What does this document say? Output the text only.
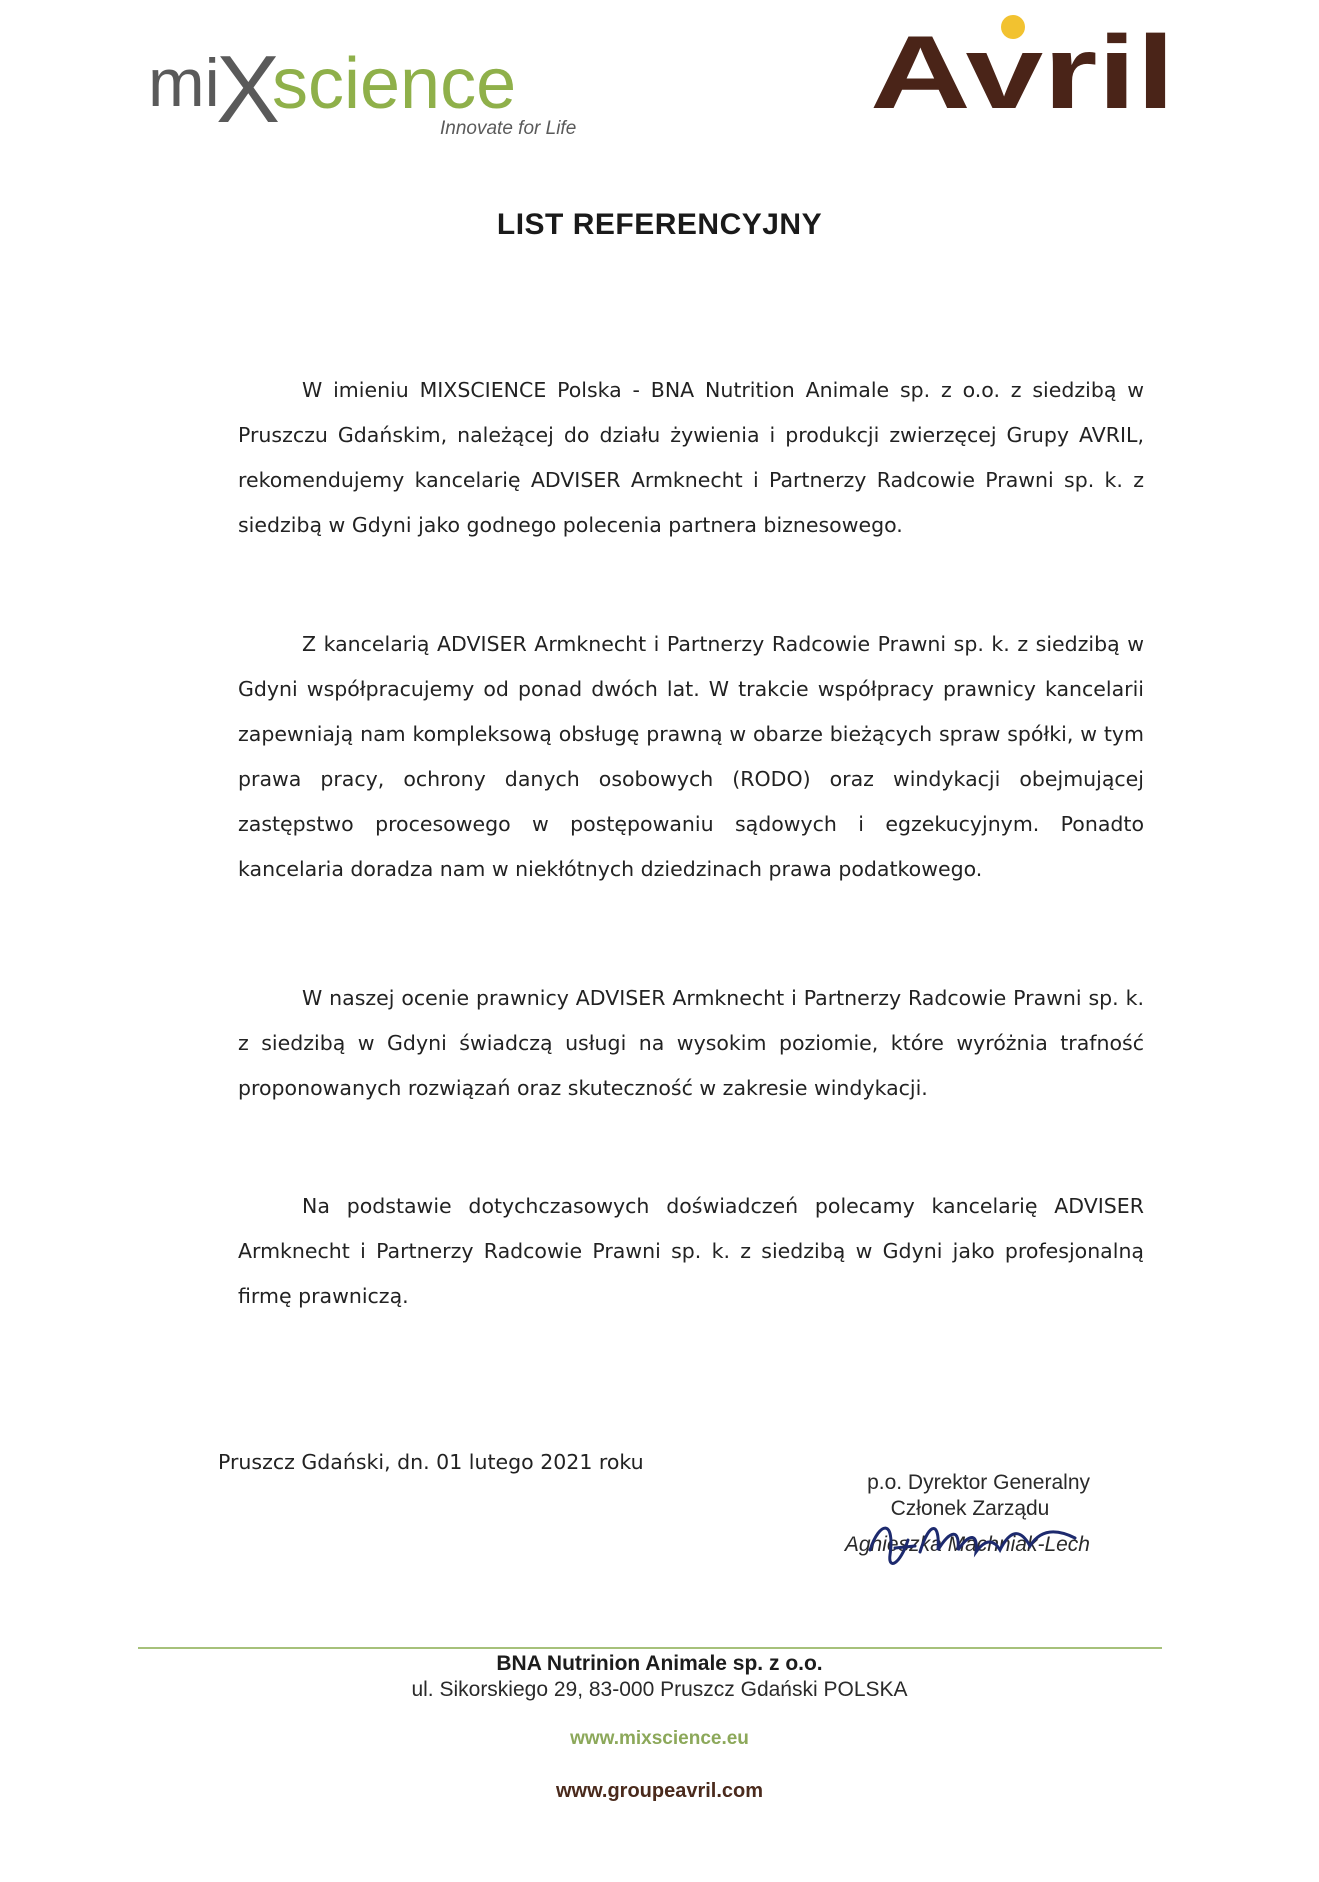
mi
X
science
Innovate for Life	Avril
LIST REFERENCYJNY

W imieniu MIXSCIENCE Polska - BNA Nutrition Animale sp. z o.o. z siedzibą w Pruszczu Gdańskim, należącej do działu żywienia i produkcji zwierzęcej Grupy AVRIL, rekomendujemy kancelarię ADVISER Armknecht i Partnerzy Radcowie Prawni sp. k. z siedzibą w Gdyni jako godnego polecenia partnera biznesowego.

Z kancelarią ADVISER Armknecht i Partnerzy Radcowie Prawni sp. k. z siedzibą w Gdyni współpracujemy od ponad dwóch lat. W trakcie współpracy prawnicy kancelarii zapewniają nam kompleksową obsługę prawną w obarze bieżących spraw spółki, w tym prawa pracy, ochrony danych osobowych (RODO) oraz windykacji obejmującej zastępstwo procesowego w postępowaniu sądowych i egzekucyjnym. Ponadto kancelaria doradza nam w niekłótnych dziedzinach prawa podatkowego.

W naszej ocenie prawnicy ADVISER Armknecht i Partnerzy Radcowie Prawni sp. k. z siedzibą w Gdyni świadczą usługi na wysokim poziomie, które wyróżnia trafność proponowanych rozwiązań oraz skuteczność w zakresie windykacji.

Na podstawie dotychczasowych doświadczeń polecamy kancelarię ADVISER Armknecht i Partnerzy Radcowie Prawni sp. k. z siedzibą w Gdyni jako profesjonalną firmę prawniczą.

Pruszcz Gdański, dn. 01 lutego 2021 roku
p.o. Dyrektor Generalny
Członek Zarządu
Agnieszka Machniak-Lech
BNA Nutrinion Animale sp. z o.o.
ul. Sikorskiego 29, 83-000 Pruszcz Gdański POLSKA
www.mixscience.eu
www.groupeavril.com
